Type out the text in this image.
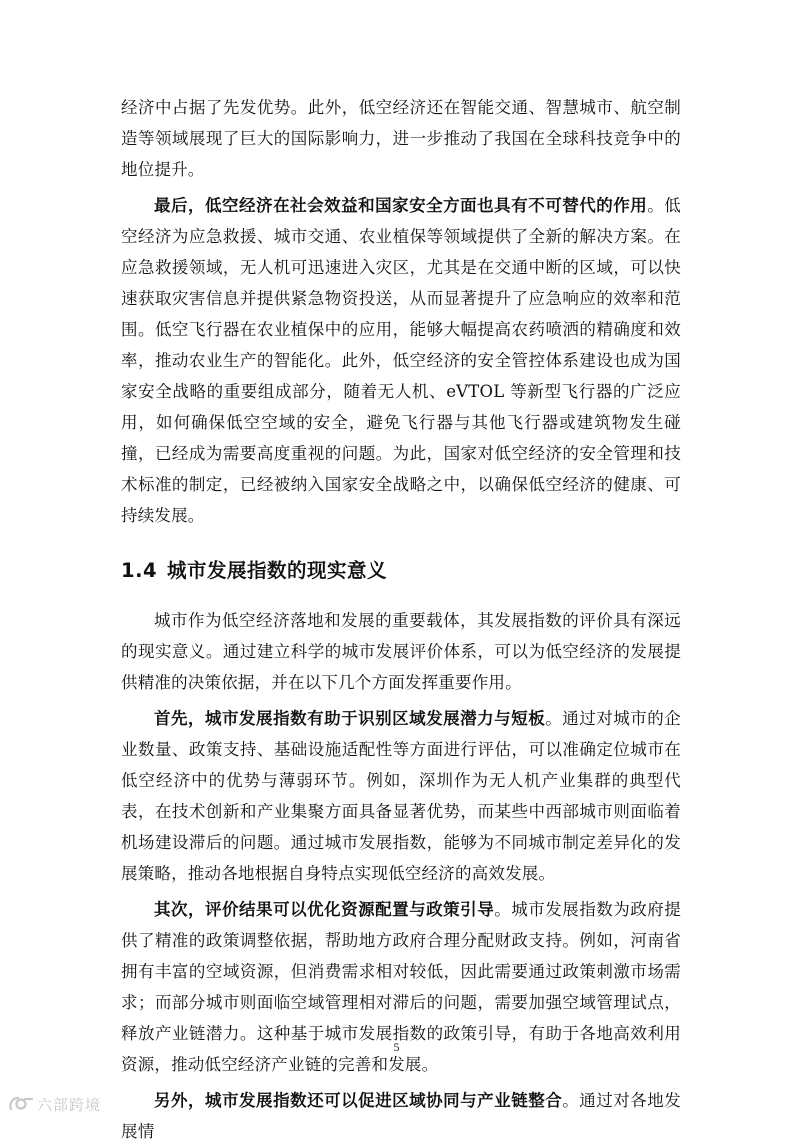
经济中占据了先发优势。此外，低空经济还在智能交通、智慧城市、航空制造等领域展现了巨大的国际影响力，进一步推动了我国在全球科技竞争中的地位提升。

最后，低空经济在社会效益和国家安全方面也具有不可替代的作用。低空经济为应急救援、城市交通、农业植保等领域提供了全新的解决方案。在应急救援领域，无人机可迅速进入灾区，尤其是在交通中断的区域，可以快速获取灾害信息并提供紧急物资投送，从而显著提升了应急响应的效率和范围。低空飞行器在农业植保中的应用，能够大幅提高农药喷洒的精确度和效率，推动农业生产的智能化。此外，低空经济的安全管控体系建设也成为国家安全战略的重要组成部分，随着无人机、eVTOL 等新型飞行器的广泛应用，如何确保低空空域的安全，避免飞行器与其他飞行器或建筑物发生碰撞，已经成为需要高度重视的问题。为此，国家对低空经济的安全管理和技术标准的制定，已经被纳入国家安全战略之中，以确保低空经济的健康、可持续发展。

1.4 城市发展指数的现实意义

城市作为低空经济落地和发展的重要载体，其发展指数的评价具有深远的现实意义。通过建立科学的城市发展评价体系，可以为低空经济的发展提供精准的决策依据，并在以下几个方面发挥重要作用。

首先，城市发展指数有助于识别区域发展潜力与短板。通过对城市的企业数量、政策支持、基础设施适配性等方面进行评估，可以准确定位城市在低空经济中的优势与薄弱环节。例如，深圳作为无人机产业集群的典型代表，在技术创新和产业集聚方面具备显著优势，而某些中西部城市则面临着机场建设滞后的问题。通过城市发展指数，能够为不同城市制定差异化的发展策略，推动各地根据自身特点实现低空经济的高效发展。

其次，评价结果可以优化资源配置与政策引导。城市发展指数为政府提供了精准的政策调整依据，帮助地方政府合理分配财政支持。例如，河南省拥有丰富的空域资源，但消费需求相对较低，因此需要通过政策刺激市场需求；而部分城市则面临空域管理相对滞后的问题，需要加强空域管理试点，释放产业链潜力。这种基于城市发展指数的政策引导，有助于各地高效利用资源，推动低空经济产业链的完善和发展。

另外，城市发展指数还可以促进区域协同与产业链整合。通过对各地发展情

5
六部跨境
